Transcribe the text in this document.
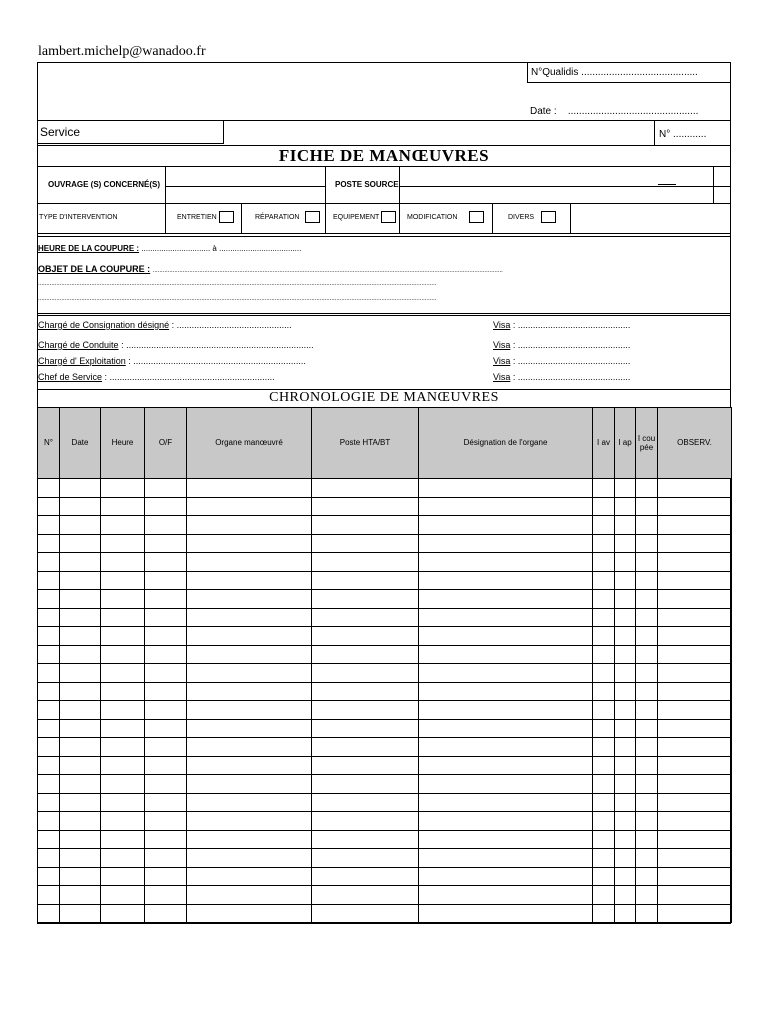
lambert.michelp@wanadoo.fr
N°Qualidis ..........................................
Date : ...............................................
Service	N° ............
FICHE DE MANŒUVRES
OUVRAGE (S) CONCERNÉ(S)	POSTE SOURCE
TYPE D'INTERVENTION	ENTRETIEN	RÉPARATION	EQUIPEMENT	MODIFICATION	DIVERS
HEURE DE LA COUPURE : ............................... à .....................................
OBJET DE LA COUPURE : ..................................................................................................................................................................................................................
...............................................................................................................................................................................................................................................
...............................................................................................................................................................................................................................................
Chargé de Consignation désigné : ..............................................	Visa : .............................................
Chargé de Conduite : ...........................................................................	Visa : .............................................
Chargé d' Exploitation : .....................................................................	Visa : .............................................
Chef de Service : ..................................................................	Visa : .............................................
CHRONOLOGIE DE MANŒUVRES
N°	Date	Heure	O/F	Organe manœuvré	Poste HTA/BT	Désignation de l'organe	I av	I ap	I cou pée	OBSERV.
